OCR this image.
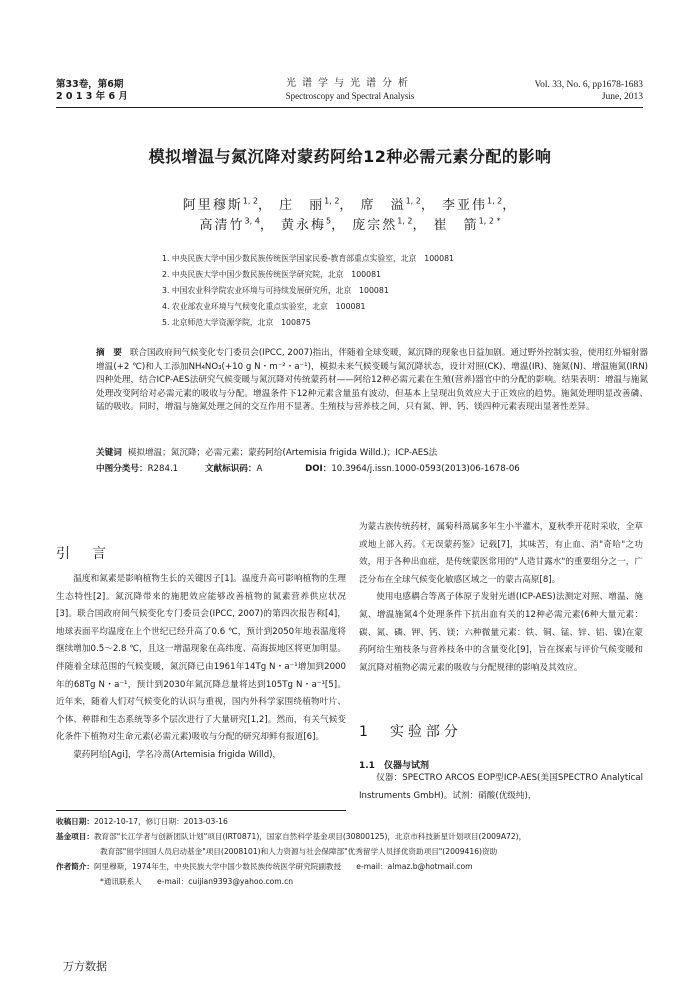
第33卷，第6期
2 0 1 3 年 6 月
光谱学与光谱分析
Spectroscopy and Spectral Analysis
Vol. 33, No. 6, pp1678-1683
June, 2013
模拟增温与氮沉降对蒙药阿给12种必需元素分配的影响
阿里穆斯$^{1, 2}$， 庄　丽$^{1, 2}$， 席　溢$^{1, 2}$， 李亚伟$^{1, 2}$，
高清竹$^{3, 4}$， 黄永梅$^5$， 庞宗然$^{1, 2}$， 崔　箭$^{1, 2 *}$
1. 中央民族大学中国少数民族传统医学国家民委-教育部重点实验室，北京　100081
2. 中央民族大学中国少数民族传统医学研究院，北京　100081
3. 中国农业科学院农业环境与可持续发展研究所，北京　100081
4. 农业部农业环境与气候变化重点实验室，北京　100081
5. 北京师范大学资源学院，北京　100875
摘　要 联合国政府间气候变化专门委员会(IPCC, 2007)指出，伴随着全球变暖，氮沉降的现象也日益加剧。通过野外控制实验，使用红外辐射器增温(+2 ℃)和人工添加NH₄NO₃(+10 g N・m⁻²・a⁻¹)，模拟未来气候变暖与氮沉降状态，设计对照(CK)、增温(IR)、施氮(N)、增温施氮(IRN)四种处理，结合ICP-AES法研究气候变暖与氮沉降对传统蒙药材——阿给12种必需元素在生殖(营养)器官中的分配的影响。结果表明：增温与施氮处理改变阿给对必需元素的吸收与分配。增温条件下12种元素含量虽有波动，但基本上呈现出负效应大于正效应的趋势。施氮处理明显改善磷、锰的吸收。同时，增温与施氮处理之间的交互作用不显著。生殖枝与营养枝之间，只有氮、钾、钙、镁四种元素表现出显著性差异。
关键词 模拟增温；氮沉降；必需元素；蒙药阿给(Artemisia frigida Willd.)；ICP-AES法
中图分类号：R284.1	文献标识码：A	DOI：10.3964/j.issn.1000-0593(2013)06-1678-06
引　言

温度和氮素是影响植物生长的关键因子[1]。温度升高可影响植物的生理生态特性[2]。氮沉降带来的施肥效应能够改善植物的氮素营养供应状况[3]。联合国政府间气候变化专门委员会(IPCC, 2007)的第四次报告称[4]，地球表面平均温度在上个世纪已经升高了0.6 ℃，预计到2050年地表温度将继续增加0.5～2.8 ℃，且这一增温现象在高纬度、高海拔地区将更加明显。伴随着全球范围的气候变暖，氮沉降已由1961年14Tg N・a⁻¹增加到2000年的68Tg N・a⁻¹，预计到2030年氮沉降总量将达到105Tg N・a⁻¹[5]。近年来，随着人们对气候变化的认识与重视，国内外科学家围绕植物叶片、个体、种群和生态系统等多个层次进行了大量研究[1,2]。然而，有关气候变化条件下植物对生命元素(必需元素)吸收与分配的研究却鲜有报道[6]。

蒙药阿给[Agi]，学名冷蒿(Artemisia frigida Willd)，

为蒙古族传统药材，属菊科蒿属多年生小半灌木，夏秋季开花时采收，全草或地上部入药。《无误蒙药鉴》记载[7]，其味苦，有止血、消"奇哈"之功效，用于各种出血症，是传统蒙医常用的"人造甘露水"的重要组分之一，广泛分布在全球气候变化敏感区域之一的蒙古高原[8]。

使用电感耦合等离子体原子发射光谱(ICP-AES)法测定对照、增温、施氮、增温施氮4个处理条件下抗出血有关的12种必需元素(6种大量元素：碳、氮、磷、钾、钙、镁；六种微量元素：铁、铜、锰、锌、铝、镍)在蒙药阿给生殖枝条与营养枝条中的含量变化[9]，旨在探索与评价气候变暖和氮沉降对植物必需元素的吸收与分配规律的影响及其效应。

1　实验部分
1.1　仪器与试剂

仪器：SPECTRO ARCOS EOP型ICP-AES(美国SPECTRO Analytical Instruments GmbH)。试剂：硝酸(优级纯)，

收稿日期：2012-10-17，修订日期：2013-03-16
基金项目：教育部"长江学者与创新团队计划"项目(IRT0871)，国家自然科学基金项目(30800125)，北京市科技新星计划项目(2009A72)，
教育部"留学回国人员启动基金"项目(2008101)和人力资源与社会保障部"优秀留学人员择优资助项目"(2009416)资助
作者简介：阿里穆斯，1974年生，中央民族大学中国少数民族传统医学研究院副教授　　e-mail：almaz.b@hotmail.com
*通讯联系人　　e-mail：cuijian9393@yahoo.com.cn
万方数据
